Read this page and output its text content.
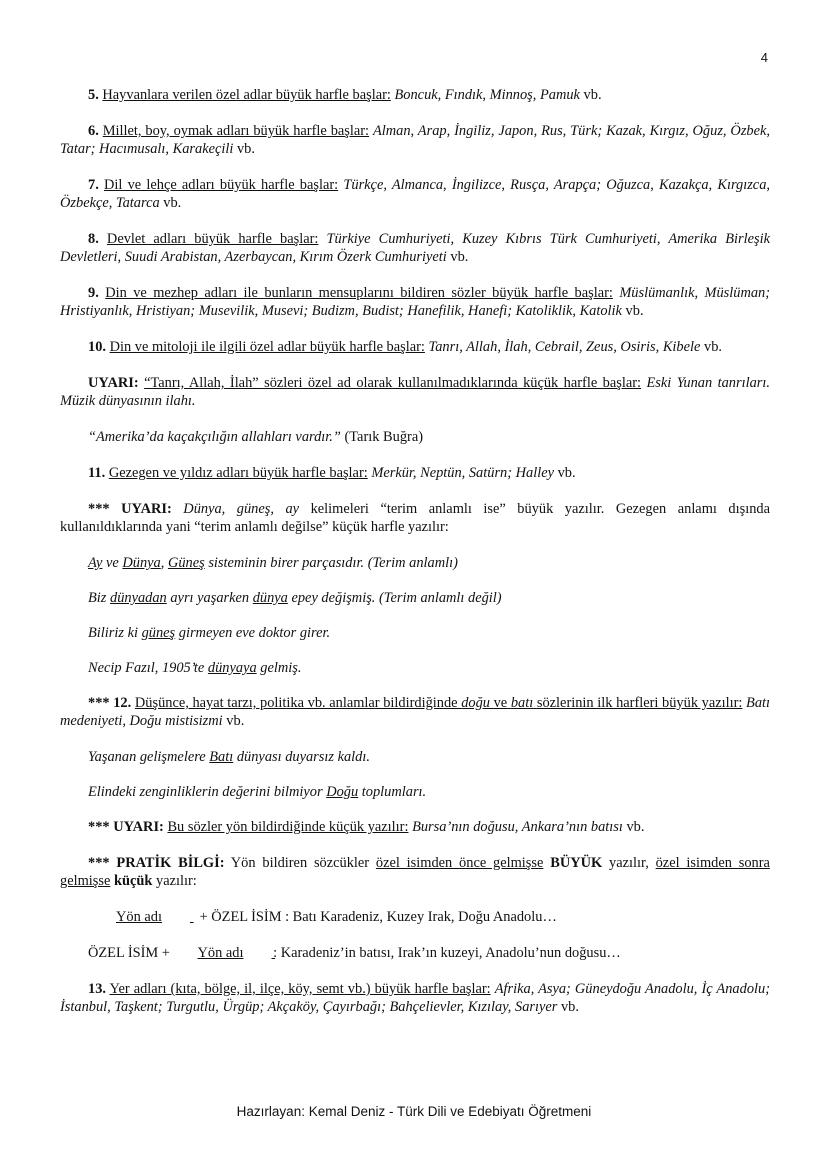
4

5. Hayvanlara verilen özel adlar büyük harfle başlar: Boncuk, Fındık, Minnoş, Pamuk vb.

6. Millet, boy, oymak adları büyük harfle başlar: Alman, Arap, İngiliz, Japon, Rus, Türk; Kazak, Kırgız, Oğuz, Özbek, Tatar; Hacımusalı, Karakeçili vb.

7. Dil ve lehçe adları büyük harfle başlar: Türkçe, Almanca, İngilizce, Rusça, Arapça; Oğuzca, Kazakça, Kırgızca, Özbekçe, Tatarca vb.

8. Devlet adları büyük harfle başlar: Türkiye Cumhuriyeti, Kuzey Kıbrıs Türk Cumhuriyeti, Amerika Birleşik Devletleri, Suudi Arabistan, Azerbaycan, Kırım Özerk Cumhuriyeti vb.

9. Din ve mezhep adları ile bunların mensuplarını bildiren sözler büyük harfle başlar: Müslümanlık, Müslüman; Hristiyanlık, Hristiyan; Musevilik, Musevi; Budizm, Budist; Hanefilik, Hanefi; Katoliklik, Katolik vb.

10. Din ve mitoloji ile ilgili özel adlar büyük harfle başlar: Tanrı, Allah, İlah, Cebrail, Zeus, Osiris, Kibele vb.

UYARI: “Tanrı, Allah, İlah” sözleri özel ad olarak kullanılmadıklarında küçük harfle başlar: Eski Yunan tanrıları. Müzik dünyasının ilahı.

“Amerika’da kaçakçılığın allahları vardır.” (Tarık Buğra)

11. Gezegen ve yıldız adları büyük harfle başlar: Merkür, Neptün, Satürn; Halley vb.

*** UYARI: Dünya, güneş, ay kelimeleri “terim anlamlı ise” büyük yazılır. Gezegen anlamı dışında kullanıldıklarında yani “terim anlamlı değilse” küçük harfle yazılır:

Ay ve Dünya, Güneş sisteminin birer parçasıdır. (Terim anlamlı)

Biz dünyadan ayrı yaşarken dünya epey değişmiş. (Terim anlamlı değil)

Biliriz ki güneş girmeyen eve doktor girer.

Necip Fazıl, 1905’te dünyaya gelmiş.

*** 12. Düşünce, hayat tarzı, politika vb. anlamlar bildirdiğinde doğu ve batı sözlerinin ilk harfleri büyük yazılır: Batı medeniyeti, Doğu mistisizmi vb.

Yaşanan gelişmelere Batı dünyası duyarsız kaldı.

Elindeki zenginliklerin değerini bilmiyor Doğu toplumları.

*** UYARI: Bu sözler yön bildirdiğinde küçük yazılır: Bursa’nın doğusu, Ankara’nın batısı vb.

*** PRATİK BİLGİ: Yön bildiren sözcükler özel isimden önce gelmişse BÜYÜK yazılır, özel isimden sonra gelmişse küçük yazılır:

Yön adı  + ÖZEL İSİM : Batı Karadeniz, Kuzey Irak, Doğu Anadolu…

ÖZEL İSİM +  Yön adı  : Karadeniz’in batısı, Irak’ın kuzeyi, Anadolu’nun doğusu…

13. Yer adları (kıta, bölge, il, ilçe, köy, semt vb.) büyük harfle başlar: Afrika, Asya; Güneydoğu Anadolu, İç Anadolu; İstanbul, Taşkent; Turgutlu, Ürgüp; Akçaköy, Çayırbağı; Bahçelievler, Kızılay, Sarıyer vb.

Hazırlayan: Kemal Deniz - Türk Dili ve Edebiyatı Öğretmeni
